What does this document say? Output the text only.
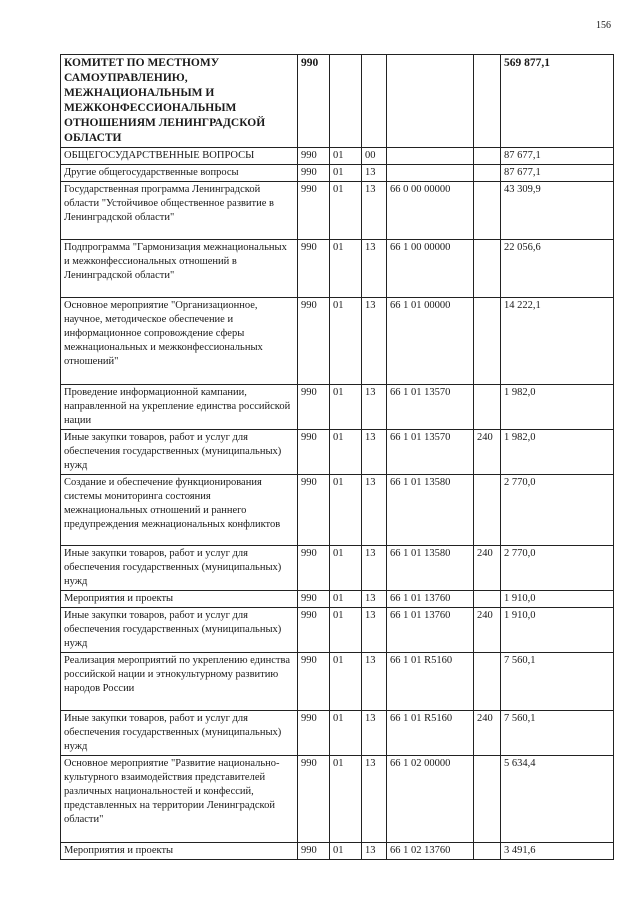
156
КОМИТЕТ ПО МЕСТНОМУ САМОУПРАВЛЕНИЮ, МЕЖНАЦИОНАЛЬНЫМ И МЕЖКОНФЕССИОНАЛЬНЫМ ОТНОШЕНИЯМ ЛЕНИНГРАДСКОЙ ОБЛАСТИ	990					569 877,1
ОБЩЕГОСУДАРСТВЕННЫЕ ВОПРОСЫ	990	01	00			87 677,1
Другие общегосударственные вопросы	990	01	13			87 677,1
Государственная программа Ленинградской области "Устойчивое общественное развитие в Ленинградской области"	990	01	13	66 0 00 00000		43 309,9
Подпрограмма "Гармонизация межнациональных и межконфессиональных отношений в Ленинградской области"	990	01	13	66 1 00 00000		22 056,6
Основное мероприятие "Организационное, научное, методическое обеспечение и информационное сопровождение сферы межнациональных и межконфессиональных отношений"	990	01	13	66 1 01 00000		14 222,1
Проведение информационной кампании, направленной на укрепление единства российской нации	990	01	13	66 1 01 13570		1 982,0
Иные закупки товаров, работ и услуг для обеспечения государственных (муниципальных) нужд	990	01	13	66 1 01 13570	240	1 982,0
Создание и обеспечение функционирования системы мониторинга состояния межнациональных отношений и раннего предупреждения межнациональных конфликтов	990	01	13	66 1 01 13580		2 770,0
Иные закупки товаров, работ и услуг для обеспечения государственных (муниципальных) нужд	990	01	13	66 1 01 13580	240	2 770,0
Мероприятия и проекты	990	01	13	66 1 01 13760		1 910,0
Иные закупки товаров, работ и услуг для обеспечения государственных (муниципальных) нужд	990	01	13	66 1 01 13760	240	1 910,0
Реализация мероприятий по укреплению единства российской нации и этнокультурному развитию народов России	990	01	13	66 1 01 R5160		7 560,1
Иные закупки товаров, работ и услуг для обеспечения государственных (муниципальных) нужд	990	01	13	66 1 01 R5160	240	7 560,1
Основное мероприятие "Развитие национально-культурного взаимодействия представителей различных национальностей и конфессий, представленных на территории Ленинградской области"	990	01	13	66 1 02 00000		5 634,4
Мероприятия и проекты	990	01	13	66 1 02 13760		3 491,6
